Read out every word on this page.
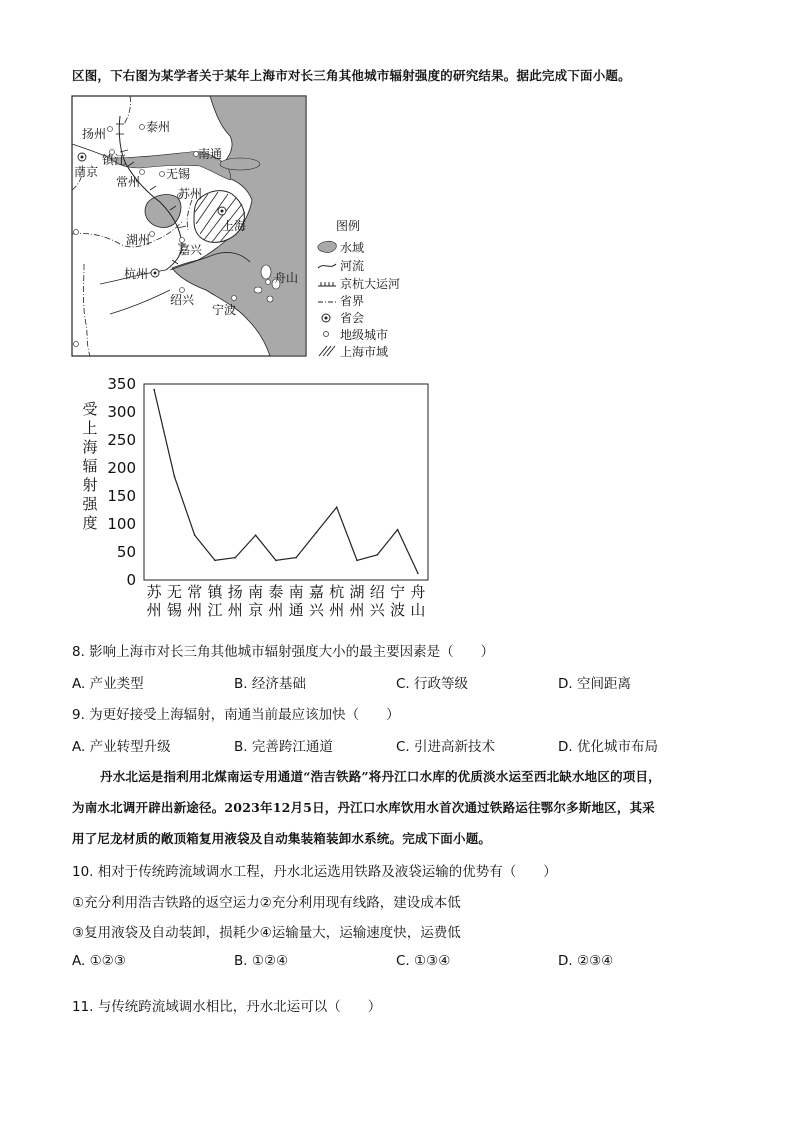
区图，下右图为某学者关于某年上海市对长三角其他城市辐射强度的研究结果。据此完成下面小题。
扬州	泰州
南京
镇江	南通
常州
无锡
苏州
上海
湖州
嘉兴
杭州	舟山
绍兴
宁波
图例
水域
河流
京杭大运河
省界
省会
地级城市
上海市域
受
上
海
辐
射
强
度
0
50
100
150
200
250
300
350
苏州
无锡
常州
镇江
扬州
南京
泰州
南通
嘉兴
杭州
湖州
绍兴
宁波
舟山
8. 影响上海市对长三角其他城市辐射强度大小的最主要因素是（　　）
A. 产业类型	B. 经济基础	C. 行政等级	D. 空间距离
9. 为更好接受上海辐射，南通当前最应该加快（　　）
A. 产业转型升级	B. 完善跨江通道	C. 引进高新技术	D. 优化城市布局
丹水北运是指利用北煤南运专用通道“浩吉铁路”将丹江口水库的优质淡水运至西北缺水地区的项目，
为南水北调开辟出新途径。2023年12月5日，丹江口水库饮用水首次通过铁路运往鄂尔多斯地区，其采
用了尼龙材质的敞顶箱复用液袋及自动集装箱装卸水系统。完成下面小题。
10. 相对于传统跨流域调水工程，丹水北运选用铁路及液袋运输的优势有（　　）
①充分利用浩吉铁路的返空运力②充分利用现有线路，建设成本低
③复用液袋及自动装卸，损耗少④运输量大，运输速度快，运费低
A. ①②③	B. ①②④	C. ①③④	D. ②③④
11. 与传统跨流域调水相比，丹水北运可以（　　）
